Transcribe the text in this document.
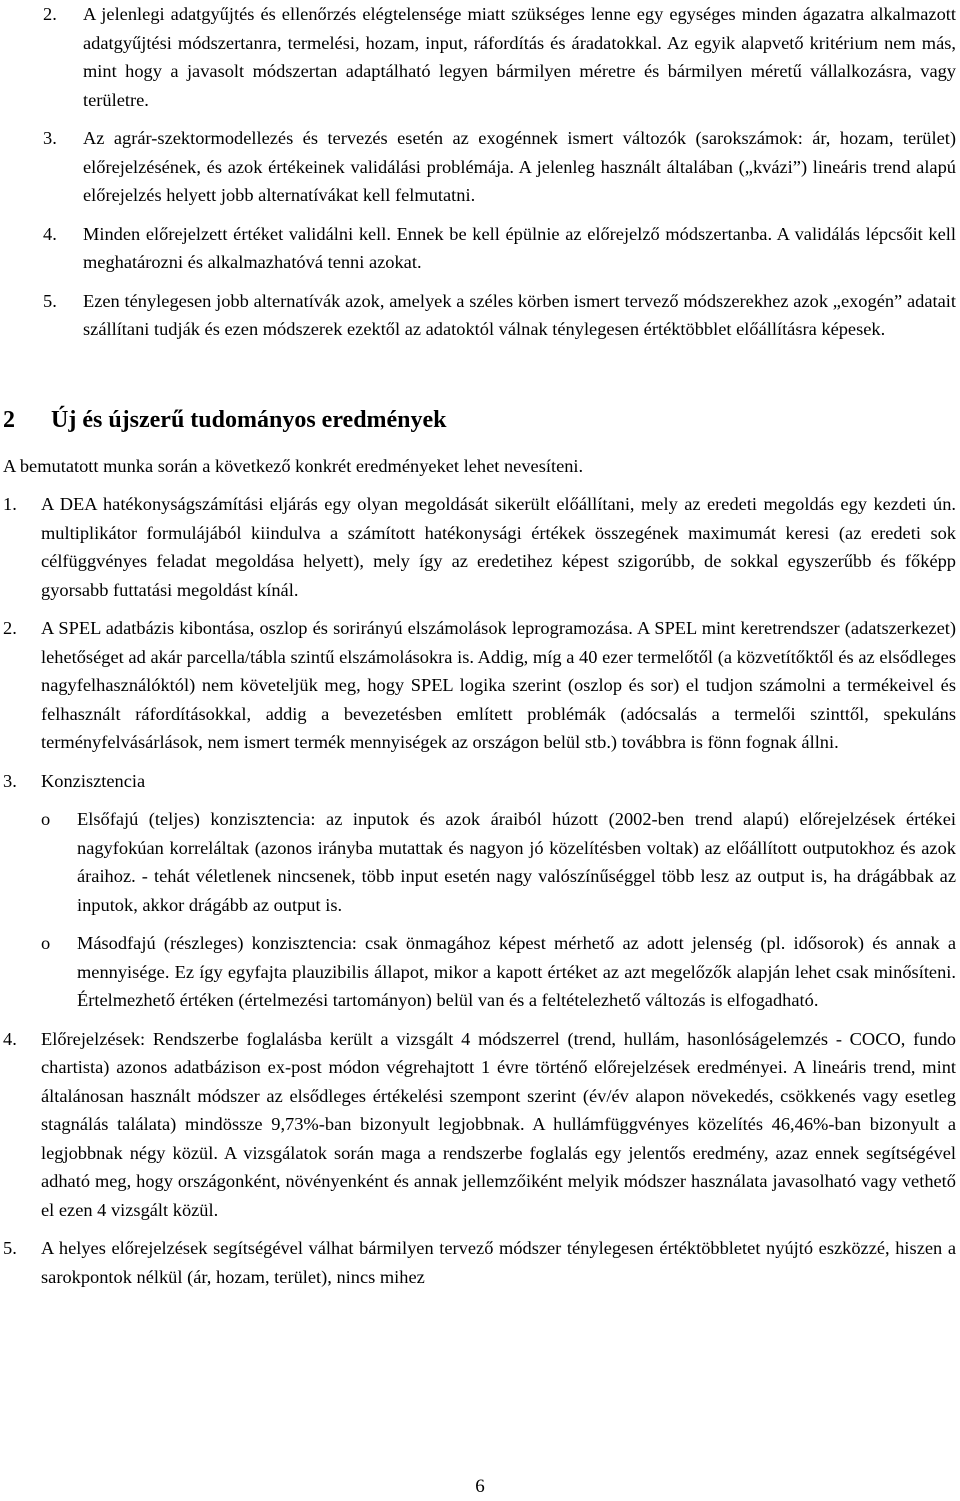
2. A jelenlegi adatgyűjtés és ellenőrzés elégtelensége miatt szükséges lenne egy egységes minden ágazatra alkalmazott adatgyűjtési módszertanra, termelési, hozam, input, ráfordítás és áradatokkal. Az egyik alapvető kritérium nem más, mint hogy a javasolt módszertan adaptálható legyen bármilyen méretre és bármilyen méretű vállalkozásra, vagy területre.
3. Az agrár-szektormodellezés és tervezés esetén az exogénnek ismert változók (sarokszámok: ár, hozam, terület) előrejelzésének, és azok értékeinek validálási problémája. A jelenleg használt általában („kvázi”) lineáris trend alapú előrejelzés helyett jobb alternatívákat kell felmutatni.
4. Minden előrejelzett értéket validálni kell. Ennek be kell épülnie az előrejelző módszertanba. A validálás lépcsőit kell meghatározni és alkalmazhatóvá tenni azokat.
5. Ezen ténylegesen jobb alternatívák azok, amelyek a széles körben ismert tervező módszerekhez azok „exogén” adatait szállítani tudják és ezen módszerek ezektől az adatoktól válnak ténylegesen értéktöbblet előállításra képesek.
2 Új és újszerű tudományos eredmények

A bemutatott munka során a következő konkrét eredményeket lehet nevesíteni.

1. A DEA hatékonyságszámítási eljárás egy olyan megoldását sikerült előállítani, mely az eredeti megoldás egy kezdeti ún. multiplikátor formulájából kiindulva a számított hatékonysági értékek összegének maximumát keresi (az eredeti sok célfüggvényes feladat megoldása helyett), mely így az eredetihez képest szigorúbb, de sokkal egyszerűbb és főképp gyorsabb futtatási megoldást kínál.
2. A SPEL adatbázis kibontása, oszlop és sorirányú elszámolások leprogramozása. A SPEL mint keretrendszer (adatszerkezet) lehetőséget ad akár parcella/tábla szintű elszámolásokra is. Addig, míg a 40 ezer termelőtől (a közvetítőktől és az elsődleges nagyfelhasználóktól) nem követeljük meg, hogy SPEL logika szerint (oszlop és sor) el tudjon számolni a termékeivel és felhasznált ráfordításokkal, addig a bevezetésben említett problémák (adócsalás a termelői szinttől, spekuláns terményfelvásárlások, nem ismert termék mennyiségek az országon belül stb.) továbbra is fönn fognak állni.
3. Konzisztencia
o Elsőfajú (teljes) konzisztencia: az inputok és azok áraiból húzott (2002-ben trend alapú) előrejelzések értékei nagyfokúan korreláltak (azonos irányba mutattak és nagyon jó közelítésben voltak) az előállított outputokhoz és azok áraihoz. - tehát véletlenek nincsenek, több input esetén nagy valószínűséggel több lesz az output is, ha drágábbak az inputok, akkor drágább az output is.
o Másodfajú (részleges) konzisztencia: csak önmagához képest mérhető az adott jelenség (pl. idősorok) és annak a mennyisége. Ez így egyfajta plauzibilis állapot, mikor a kapott értéket az azt megelőzők alapján lehet csak minősíteni. Értelmezhető értéken (értelmezési tartományon) belül van és a feltételezhető változás is elfogadható.
4. Előrejelzések: Rendszerbe foglalásba került a vizsgált 4 módszerrel (trend, hullám, hasonlóságelemzés - COCO, fundo chartista) azonos adatbázison ex-post módon végrehajtott 1 évre történő előrejelzések eredményei. A lineáris trend, mint általánosan használt módszer az elsődleges értékelési szempont szerint (év/év alapon növekedés, csökkenés vagy esetleg stagnálás találata) mindössze 9,73%-ban bizonyult legjobbnak. A hullámfüggvényes közelítés 46,46%-ban bizonyult a legjobbnak négy közül. A vizsgálatok során maga a rendszerbe foglalás egy jelentős eredmény, azaz ennek segítségével adható meg, hogy országonként, növényenként és annak jellemzőiként melyik módszer használata javasolható vagy vethető el ezen 4 vizsgált közül.
5. A helyes előrejelzések segítségével válhat bármilyen tervező módszer ténylegesen értéktöbbletet nyújtó eszközzé, hiszen a sarokpontok nélkül (ár, hozam, terület), nincs mihez
6
